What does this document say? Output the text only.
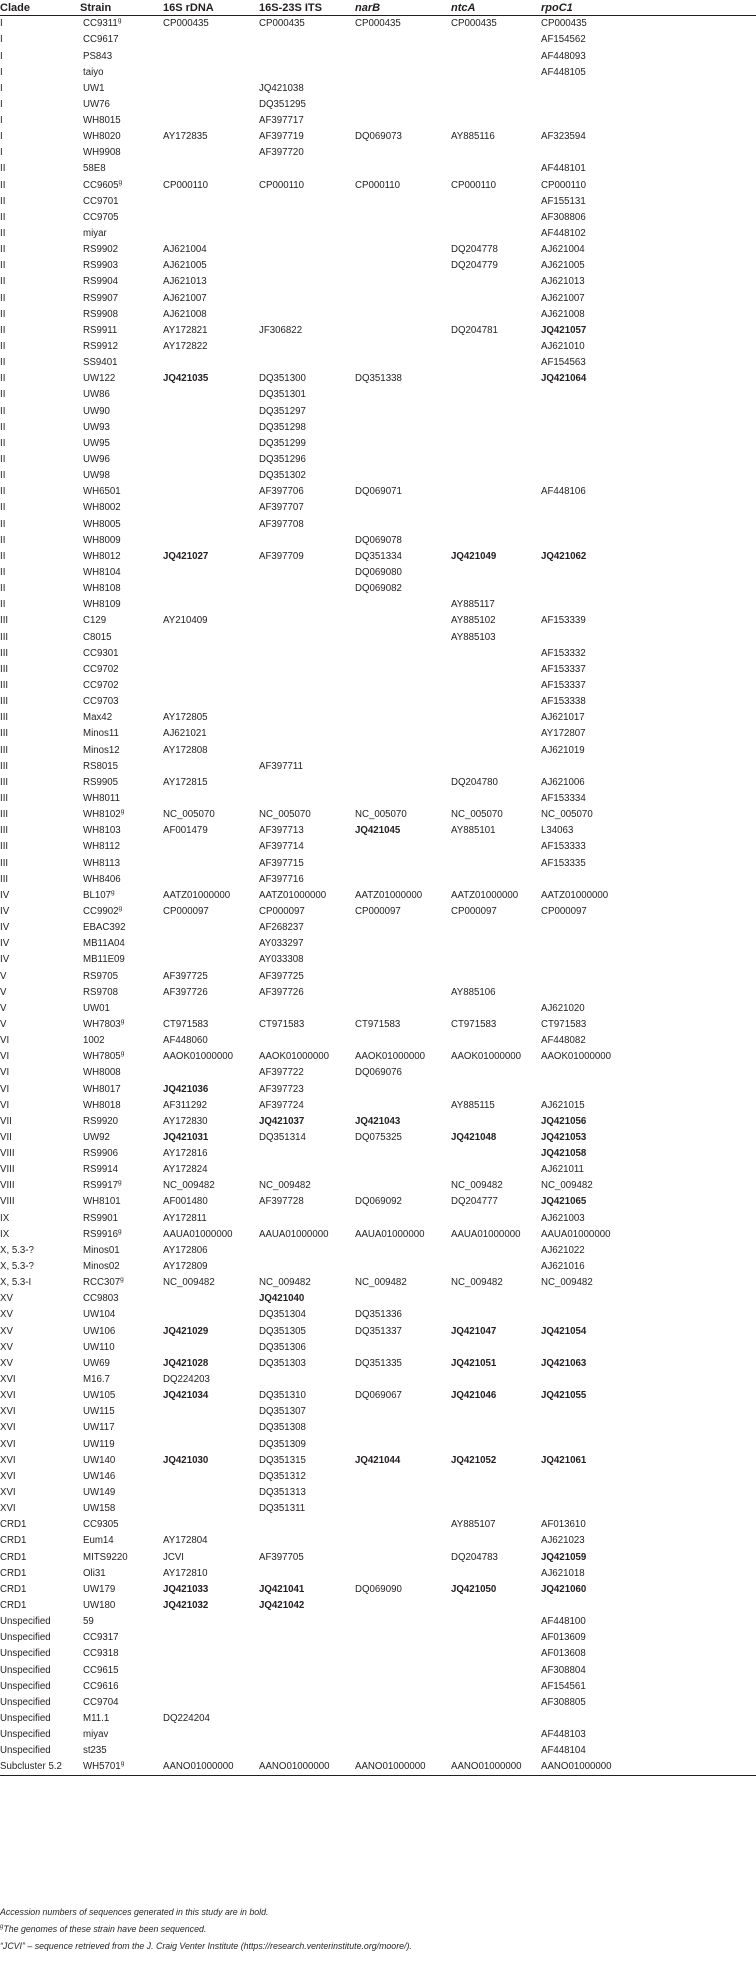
Clade	Strain	16S rDNA	16S-23S ITS	narB	ntcA	rpoC1
I	CC9311$^g$	CP000435	CP000435	CP000435	CP000435	CP000435
I	CC9617					AF154562
I	PS843					AF448093
I	taiyo					AF448105
I	UW1		JQ421038			
I	UW76		DQ351295			
I	WH8015		AF397717			
I	WH8020	AY172835	AF397719	DQ069073	AY885116	AF323594
I	WH9908		AF397720			
II	58E8					AF448101
II	CC9605$^g$	CP000110	CP000110	CP000110	CP000110	CP000110
II	CC9701					AF155131
II	CC9705					AF308806
II	miyar					AF448102
II	RS9902	AJ621004			DQ204778	AJ621004
II	RS9903	AJ621005			DQ204779	AJ621005
II	RS9904	AJ621013				AJ621013
II	RS9907	AJ621007				AJ621007
II	RS9908	AJ621008				AJ621008
II	RS9911	AY172821	JF306822		DQ204781	JQ421057
II	RS9912	AY172822				AJ621010
II	SS9401					AF154563
II	UW122	JQ421035	DQ351300	DQ351338		JQ421064
II	UW86		DQ351301			
II	UW90		DQ351297			
II	UW93		DQ351298			
II	UW95		DQ351299			
II	UW96		DQ351296			
II	UW98		DQ351302			
II	WH6501		AF397706	DQ069071		AF448106
II	WH8002		AF397707			
II	WH8005		AF397708			
II	WH8009			DQ069078		
II	WH8012	JQ421027	AF397709	DQ351334	JQ421049	JQ421062
II	WH8104			DQ069080		
II	WH8108			DQ069082		
II	WH8109				AY885117	
III	C129	AY210409			AY885102	AF153339
III	C8015				AY885103	
III	CC9301					AF153332
III	CC9702					AF153337
III	CC9702					AF153337
III	CC9703					AF153338
III	Max42	AY172805				AJ621017
III	Minos11	AJ621021				AY172807
III	Minos12	AY172808				AJ621019
III	RS8015		AF397711			
III	RS9905	AY172815			DQ204780	AJ621006
III	WH8011					AF153334
III	WH8102$^g$	NC_005070	NC_005070	NC_005070	NC_005070	NC_005070
III	WH8103	AF001479	AF397713	JQ421045	AY885101	L34063
III	WH8112		AF397714			AF153333
III	WH8113		AF397715			AF153335
III	WH8406		AF397716			
IV	BL107$^g$	AATZ01000000	AATZ01000000	AATZ01000000	AATZ01000000	AATZ01000000
IV	CC9902$^g$	CP000097	CP000097	CP000097	CP000097	CP000097
IV	EBAC392		AF268237			
IV	MB11A04		AY033297			
IV	MB11E09		AY033308			
V	RS9705	AF397725	AF397725			
V	RS9708	AF397726	AF397726		AY885106	
V	UW01					AJ621020
V	WH7803$^g$	CT971583	CT971583	CT971583	CT971583	CT971583
VI	1002	AF448060				AF448082
VI	WH7805$^g$	AAOK01000000	AAOK01000000	AAOK01000000	AAOK01000000	AAOK01000000
VI	WH8008		AF397722	DQ069076		
VI	WH8017	JQ421036	AF397723			
VI	WH8018	AF311292	AF397724		AY885115	AJ621015
VII	RS9920	AY172830	JQ421037	JQ421043		JQ421056
VII	UW92	JQ421031	DQ351314	DQ075325	JQ421048	JQ421053
VIII	RS9906	AY172816				JQ421058
VIII	RS9914	AY172824				AJ621011
VIII	RS9917$^g$	NC_009482	NC_009482		NC_009482	NC_009482
VIII	WH8101	AF001480	AF397728	DQ069092	DQ204777	JQ421065
IX	RS9901	AY172811				AJ621003
IX	RS9916$^g$	AAUA01000000	AAUA01000000	AAUA01000000	AAUA01000000	AAUA01000000
X, 5.3-?	Minos01	AY172806				AJ621022
X, 5.3-?	Minos02	AY172809				AJ621016
X, 5.3-I	RCC307$^g$	NC_009482	NC_009482	NC_009482	NC_009482	NC_009482
XV	CC9803		JQ421040			
XV	UW104		DQ351304	DQ351336		
XV	UW106	JQ421029	DQ351305	DQ351337	JQ421047	JQ421054
XV	UW110		DQ351306			
XV	UW69	JQ421028	DQ351303	DQ351335	JQ421051	JQ421063
XVI	M16.7	DQ224203				
XVI	UW105	JQ421034	DQ351310	DQ069067	JQ421046	JQ421055
XVI	UW115		DQ351307			
XVI	UW117		DQ351308			
XVI	UW119		DQ351309			
XVI	UW140	JQ421030	DQ351315	JQ421044	JQ421052	JQ421061
XVI	UW146		DQ351312			
XVI	UW149		DQ351313			
XVI	UW158		DQ351311			
CRD1	CC9305				AY885107	AF013610
CRD1	Eum14	AY172804				AJ621023
CRD1	MITS9220	JCVI	AF397705		DQ204783	JQ421059
CRD1	Oli31	AY172810				AJ621018
CRD1	UW179	JQ421033	JQ421041	DQ069090	JQ421050	JQ421060
CRD1	UW180	JQ421032	JQ421042			
Unspecified	59					AF448100
Unspecified	CC9317					AF013609
Unspecified	CC9318					AF013608
Unspecified	CC9615					AF308804
Unspecified	CC9616					AF154561
Unspecified	CC9704					AF308805
Unspecified	M11.1	DQ224204				
Unspecified	miyav					AF448103
Unspecified	st235					AF448104
Subcluster 5.2	WH5701$^g$	AANO01000000	AANO01000000	AANO01000000	AANO01000000	AANO01000000
Accession numbers of sequences generated in this study are in bold.
$^g$The genomes of these strain have been sequenced.
“JCVI” – sequence retrieved from the J. Craig Venter Institute (https://research.venterinstitute.org/moore/).
